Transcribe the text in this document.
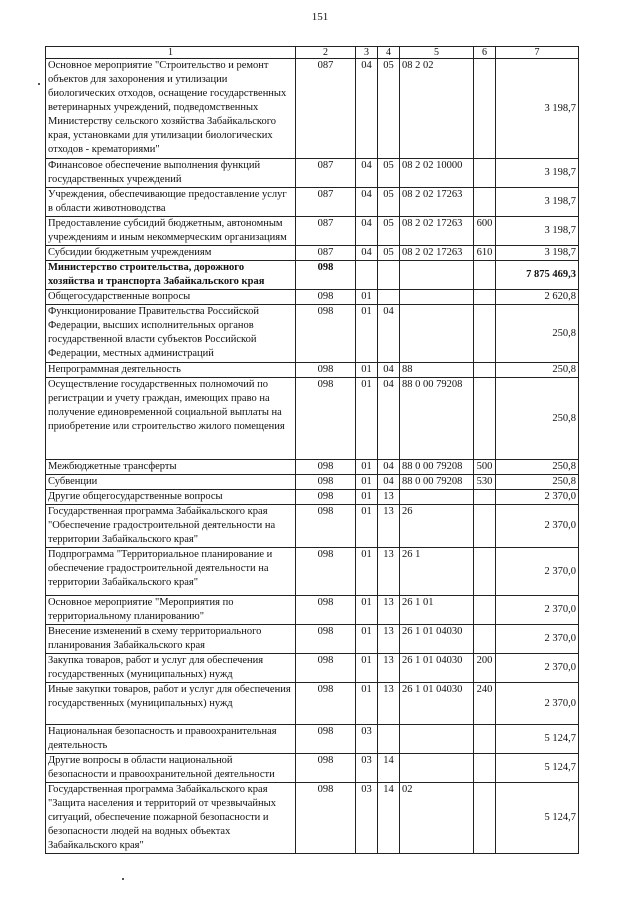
151
1	2	3	4	5	6	7
Основное мероприятие "Строительство и ремонт объектов для захоронения и утилизации биологических отходов, оснащение государственных ветеринарных учреждений, подведомственных Министерству сельского хозяйства Забайкальского края, установками для утилизации биологических отходов - крематориями"	087	04	05	08 2 02		3 198,7
Финансовое обеспечение выполнения функций государственных учреждений	087	04	05	08 2 02 10000		3 198,7
Учреждения, обеспечивающие предоставление услуг в области животноводства	087	04	05	08 2 02 17263		3 198,7
Предоставление субсидий бюджетным, автономным учреждениям и иным некоммерческим организациям	087	04	05	08 2 02 17263	600	3 198,7
Субсидии бюджетным учреждениям	087	04	05	08 2 02 17263	610	3 198,7
Министерство строительства, дорожного хозяйства и транспорта Забайкальского края	098					7 875 469,3
Общегосударственные вопросы	098	01				2 620,8
Функционирование Правительства Российской Федерации, высших исполнительных органов государственной власти субъектов Российской Федерации, местных администраций	098	01	04			250,8
Непрограммная деятельность	098	01	04	88		250,8
Осуществление государственных полномочий по регистрации и учету граждан, имеющих право на получение единовременной социальной выплаты на приобретение или строительство жилого помещения	098	01	04	88 0 00 79208		250,8
Межбюджетные трансферты	098	01	04	88 0 00 79208	500	250,8
Субвенции	098	01	04	88 0 00 79208	530	250,8
Другие общегосударственные вопросы	098	01	13			2 370,0
Государственная программа Забайкальского края "Обеспечение градостроительной деятельности на территории Забайкальского края"	098	01	13	26		2 370,0
Подпрограмма "Территориальное планирование и обеспечение градостроительной деятельности на территории Забайкальского края"	098	01	13	26 1		2 370,0
Основное мероприятие "Мероприятия по территориальному планированию"	098	01	13	26 1 01		2 370,0
Внесение изменений в схему территориального планирования Забайкальского края	098	01	13	26 1 01 04030		2 370,0
Закупка товаров, работ и услуг для обеспечения государственных (муниципальных) нужд	098	01	13	26 1 01 04030	200	2 370,0
Иные закупки товаров, работ и услуг для обеспечения государственных (муниципальных) нужд	098	01	13	26 1 01 04030	240	2 370,0
Национальная безопасность и правоохранительная деятельность	098	03				5 124,7
Другие вопросы в области национальной безопасности и правоохранительной деятельности	098	03	14			5 124,7
Государственная программа Забайкальского края "Защита населения и территорий от чрезвычайных ситуаций, обеспечение пожарной безопасности и безопасности людей на водных объектах Забайкальского края"	098	03	14	02		5 124,7
